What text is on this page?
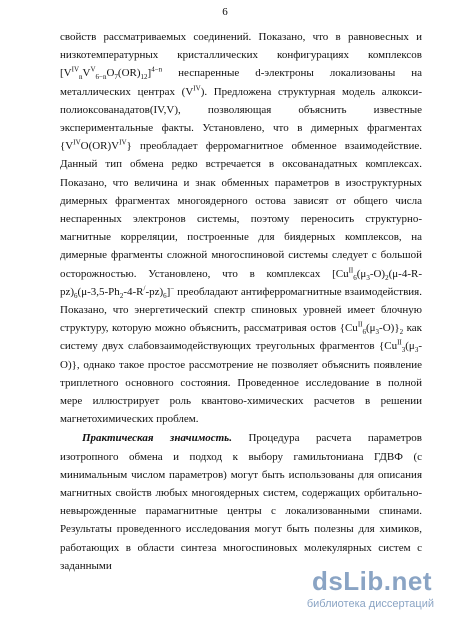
6

свойств рассматриваемых соединений. Показано, что в равновесных и низкотемпературных кристаллических конфигурациях комплексов $[V^{IV}_nV^V_{6-n}O_7(OR)_{12}]^{4-n}$ неспаренные d-электроны локализованы на металлических центрах $(V^{IV})$. Предложена структурная модель алкокси-полиоксованадатов(IV,V), позволяющая объяснить известные экспериментальные факты. Установлено, что в димерных фрагментах $\{V^{IV}O(OR)V^{IV}\}$ преобладает ферромагнитное обменное взаимодействие. Данный тип обмена редко встречается в оксованадатных комплексах. Показано, что величина и знак обменных параметров в изоструктурных димерных фрагментах многоядерного остова зависят от общего числа неспаренных электронов системы, поэтому переносить структурно-магнитные корреляции, построенные для биядерных комплексов, на димерные фрагменты сложной многоспиновой системы следует с большой осторожностью. Установлено, что в комплексах $[Cu^{II}_6(\mu_3-O)_2(\mu-4-R-pz)_6(\mu-3,5-Ph_2-4-R^/-pz)_6]^-$ преобладают антиферромагнитные взаимодействия. Показано, что энергетический спектр спиновых уровней имеет блочную структуру, которую можно объяснить, рассматривая остов $\{Cu^{II}_6(\mu_3-O)\}_2$ как систему двух слабовзаимодействующих треугольных фрагментов $\{Cu^{II}_3(\mu_3-O)\}$, однако такое простое рассмотрение не позволяет объяснить появление триплетного основного состояния. Проведенное исследование в полной мере иллюстрирует роль квантово-химических расчетов в решении магнетохимических проблем.

Практическая значимость. Процедура расчета параметров изотропного обмена и подход к выбору гамильтониана ГДВФ (с минимальным числом параметров) могут быть использованы для описания магнитных свойств любых многоядерных систем, содержащих орбитально-невырожденные парамагнитные центры с локализованными спинами. Результаты проведенного исследования могут быть полезны для химиков, работающих в области синтеза многоспиновых молекулярных систем с заданными

dsLib.net
библиотека диссертаций
